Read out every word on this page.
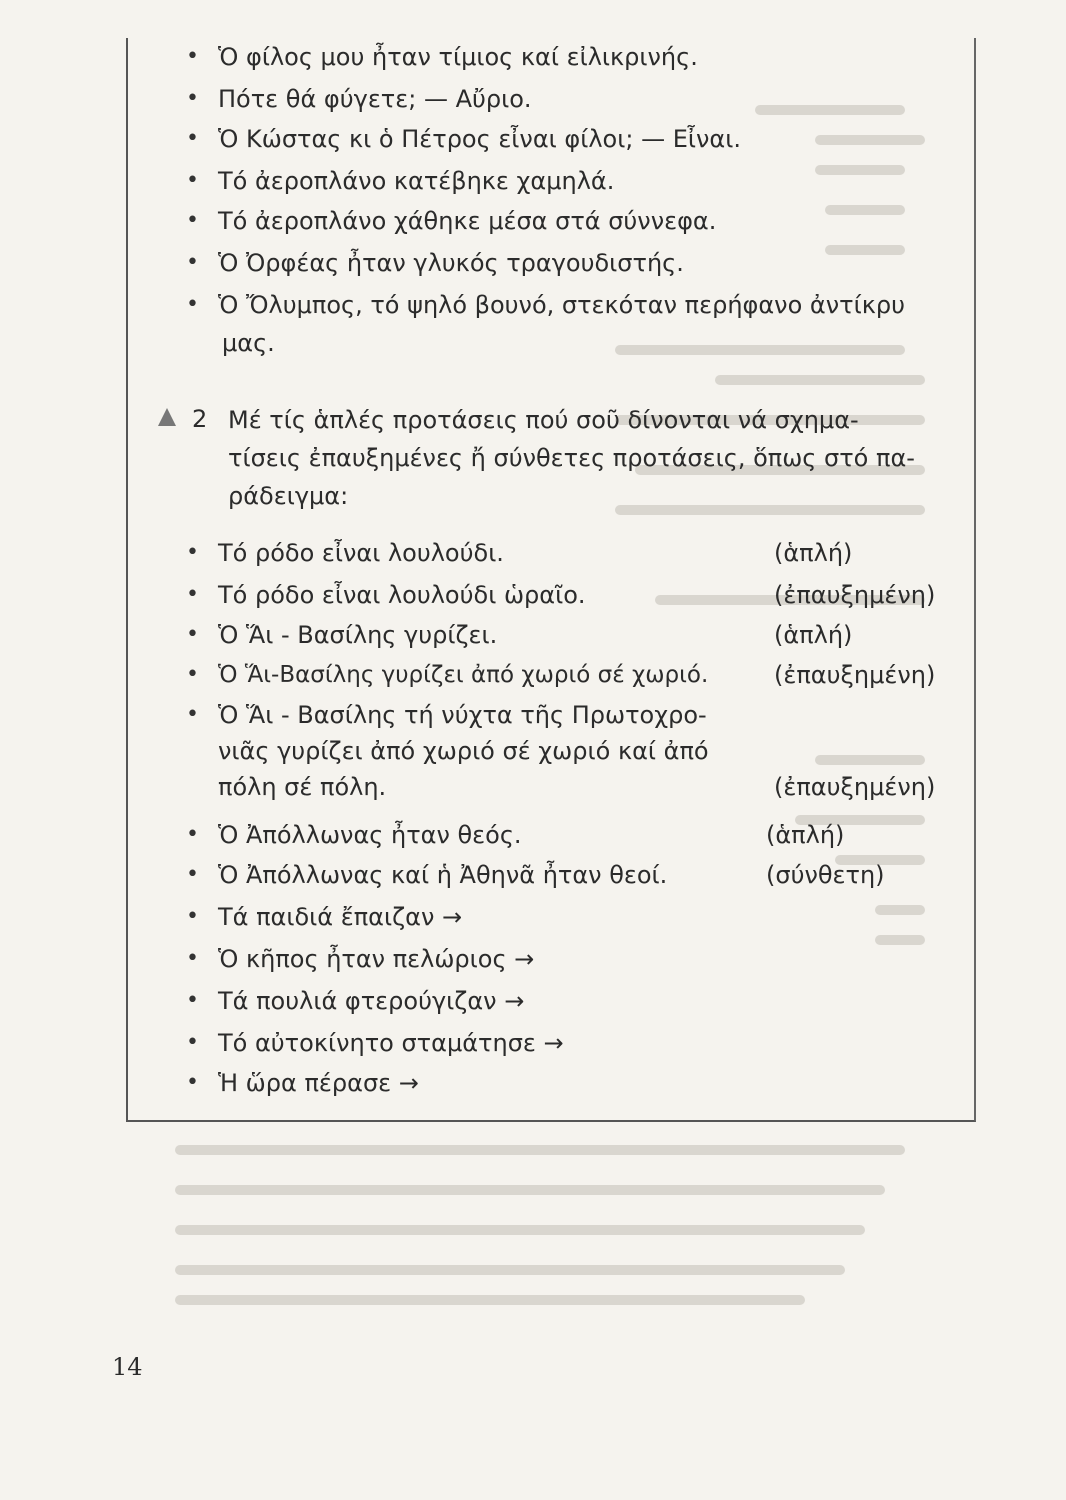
• Ὁ φίλος μου ἦταν τίμιος καί εἰλικρινής.
• Πότε θά φύγετε; — Αὔριο.
• Ὁ Κώστας κι ὁ Πέτρος εἶναι φίλοι; — Εἶναι.
• Τό ἀεροπλάνο κατέβηκε χαμηλά.
• Τό ἀεροπλάνο χάθηκε μέσα στά σύννεφα.
• Ὁ Ὀρφέας ἦταν γλυκός τραγουδιστής.
• Ὁ Ὄλυμπος, τό ψηλό βουνό, στεκόταν περήφανο ἀντίκρυ
μας.
2 Μέ τίς ἁπλές προτάσεις πού σοῦ δίνονται νά σχημα-
τίσεις ἐπαυξημένες ἤ σύνθετες προτάσεις, ὅπως στό πα-
ράδειγμα:
• Τό ρόδο εἶναι λουλούδι.	(ἁπλή)
• Τό ρόδο εἶναι λουλούδι ὡραῖο.	(ἐπαυξημένη)
• Ὁ Ἅι - Βασίλης γυρίζει.	(ἁπλή)
• Ὁ Ἅι-Βασίλης γυρίζει ἀπό χωριό σέ χωριό.	(ἐπαυξημένη)
• Ὁ Ἅι - Βασίλης τή νύχτα τῆς Πρωτοχρο-
νιᾶς γυρίζει ἀπό χωριό σέ χωριό καί ἀπό
πόλη σέ πόλη.	(ἐπαυξημένη)
• Ὁ Ἀπόλλωνας ἦταν θεός.	(ἁπλή)
• Ὁ Ἀπόλλωνας καί ἡ Ἀθηνᾶ ἦταν θεοί.	(σύνθετη)
• Τά παιδιά ἔπαιζαν →
• Ὁ κῆπος ἦταν πελώριος →
• Τά πουλιά φτερούγιζαν →
• Τό αὐτοκίνητο σταμάτησε →
• Ἡ ὥρα πέρασε →
14
